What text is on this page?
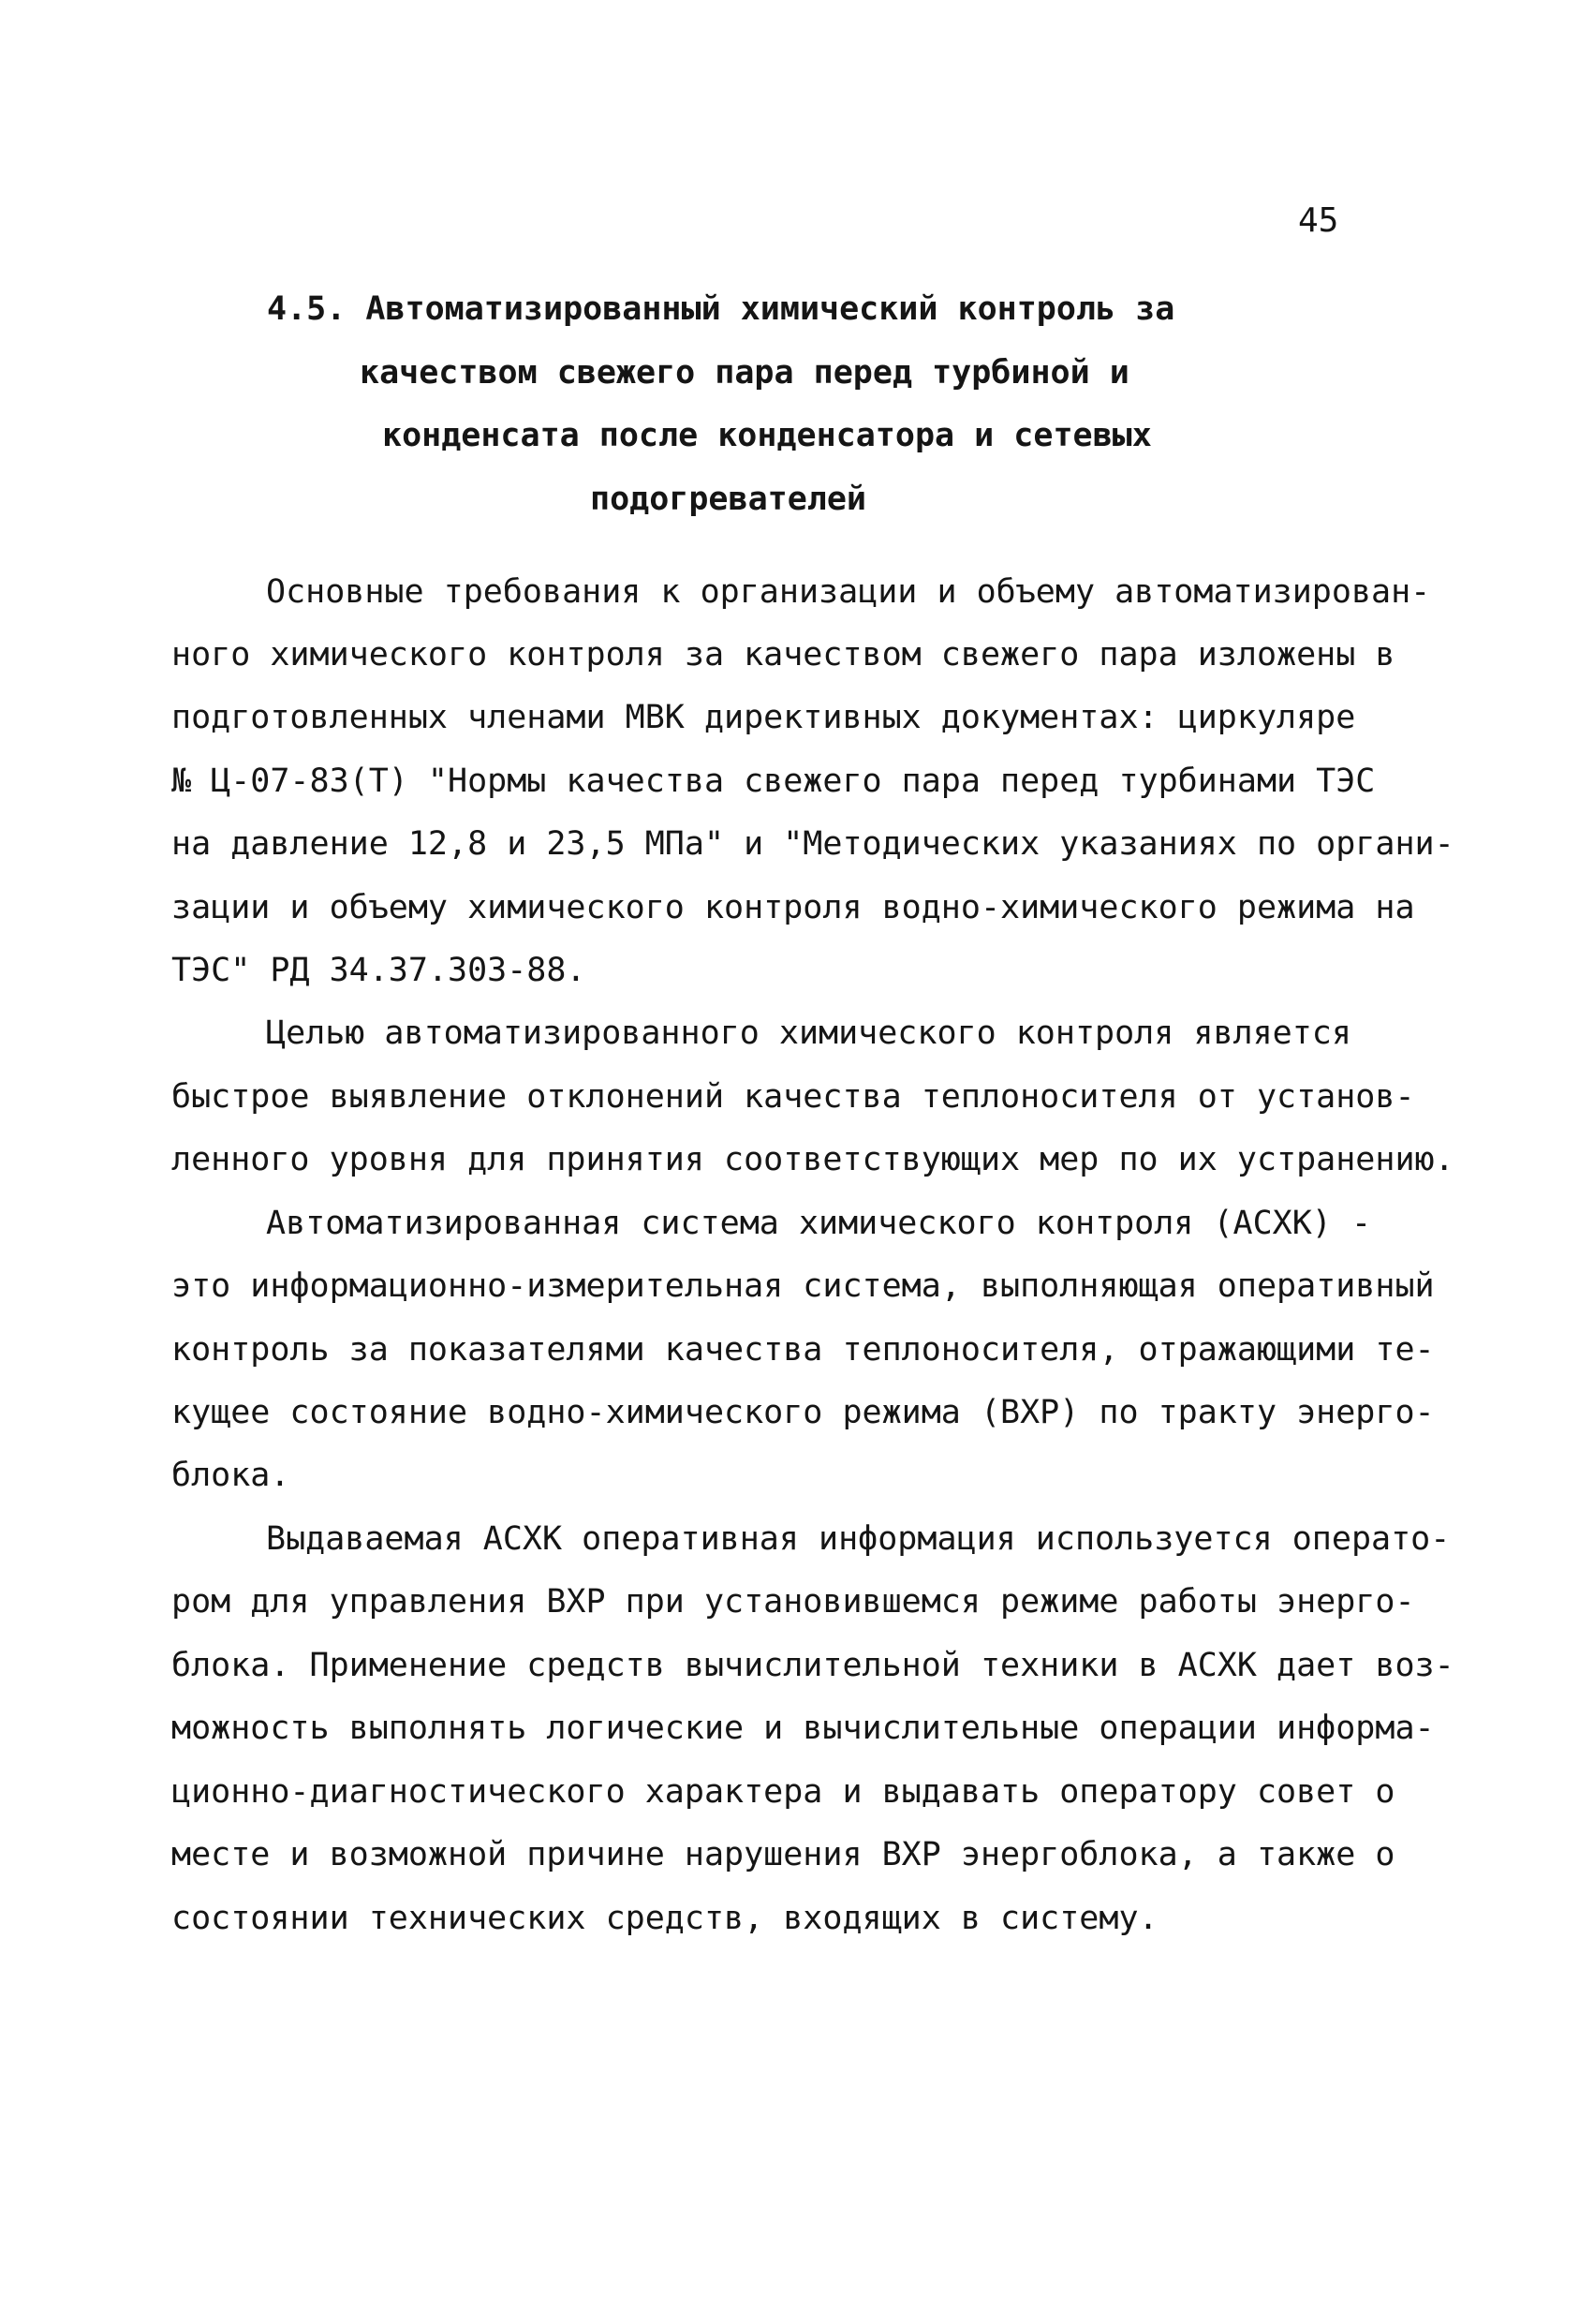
45
4.5. Автоматизированный химический контроль за
качеством свежего пара перед турбиной и
конденсата после конденсатора и сетевых
подогревателей
Основные требования к организации и объему автоматизирован-
ного химического контроля за качеством свежего пара изложены в
подготовленных членами МВК директивных документах: циркуляре
№ Ц-07-83(Т) "Нормы качества свежего пара перед турбинами ТЭС
на давление 12,8 и 23,5 МПа" и "Методических указаниях по органи-
зации и объему химического контроля водно-химического режима на
ТЭС" РД 34.37.303-88.
Целью автоматизированного химического контроля является
быстрое выявление отклонений качества теплоносителя от установ-
ленного уровня для принятия соответствующих мер по их устранению.
Автоматизированная система химического контроля (АСХК) -
это информационно-измерительная система, выполняющая оперативный
контроль за показателями качества теплоносителя, отражающими те-
кущее состояние водно-химического режима (ВХР) по тракту энерго-
блока.
Выдаваемая АСХК оперативная информация используется операто-
ром для управления ВХР при установившемся режиме работы энерго-
блока. Применение средств вычислительной техники в АСХК дает воз-
можность выполнять логические и вычислительные операции информа-
ционно-диагностического характера и выдавать оператору совет о
месте и возможной причине нарушения ВХР энергоблока, а также о
состоянии технических средств, входящих в систему.
